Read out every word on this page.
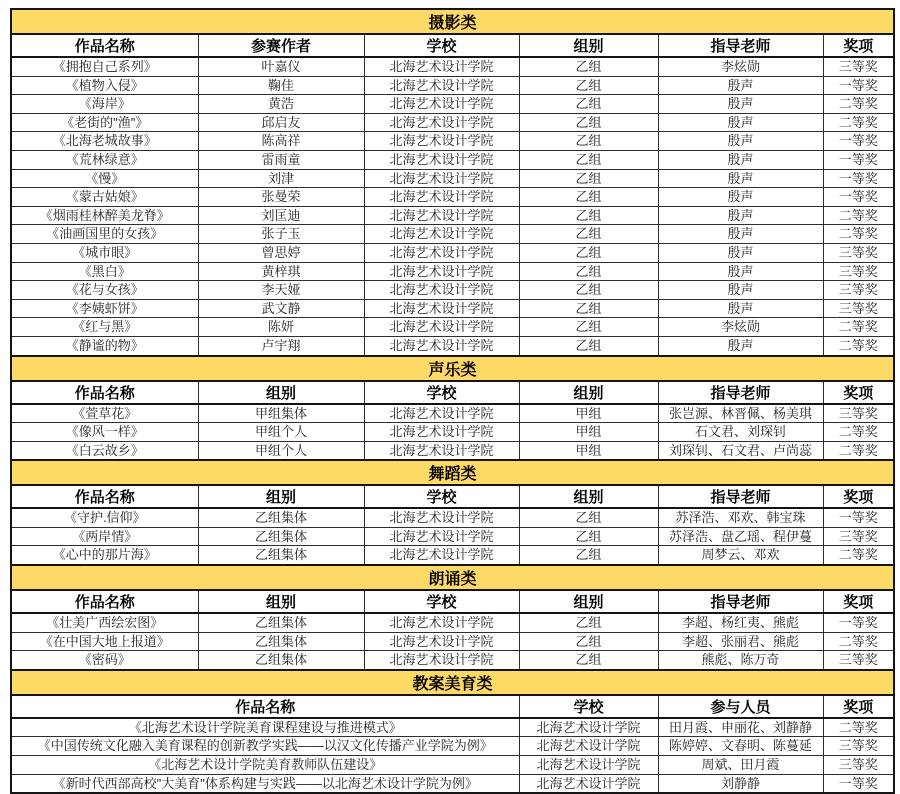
摄影类					
作品名称	参赛作者	学校	组别	指导老师	奖项
《拥抱自己系列》	叶嘉仪	北海艺术设计学院	乙组	李炫勋	三等奖
《植物入侵》	鞠佳	北海艺术设计学院	乙组	殷声	一等奖
《海岸》	黄浩	北海艺术设计学院	乙组	殷声	二等奖
《老街的"渔"》	邱启友	北海艺术设计学院	乙组	殷声	二等奖
《北海老城故事》	陈高祥	北海艺术设计学院	乙组	殷声	一等奖
《荒林绿意》	雷雨童	北海艺术设计学院	乙组	殷声	一等奖
《慢》	刘津	北海艺术设计学院	乙组	殷声	一等奖
《蒙古姑娘》	张曼荣	北海艺术设计学院	乙组	殷声	一等奖
《烟雨桂林醉美龙脊》	刘匡迪	北海艺术设计学院	乙组	殷声	二等奖
《油画国里的女孩》	张子玉	北海艺术设计学院	乙组	殷声	二等奖
《城市眼》	曾思婷	北海艺术设计学院	乙组	殷声	三等奖
《黑白》	黄梓琪	北海艺术设计学院	乙组	殷声	三等奖
《花与女孩》	李天娅	北海艺术设计学院	乙组	殷声	三等奖
《李姨虾饼》	武文静	北海艺术设计学院	乙组	殷声	三等奖
《红与黑》	陈妍	北海艺术设计学院	乙组	李炫勋	二等奖
《静谧的物》	卢宇翔	北海艺术设计学院	乙组	殷声	二等奖
声乐类					
作品名称	组别	学校	组别	指导老师	奖项
《萱草花》	甲组集体	北海艺术设计学院	甲组	张岂源、林晋佩、杨美琪	三等奖
《像风一样》	甲组个人	北海艺术设计学院	甲组	石文君、刘琛钊	二等奖
《白云故乡》	甲组个人	北海艺术设计学院	甲组	刘琛钊、石文君、卢尚蕊	二等奖
舞蹈类					
作品名称	组别	学校	组别	指导老师	奖项
《守护.信仰》	乙组集体	北海艺术设计学院	乙组	苏泽浩、邓欢、韩宝珠	一等奖
《两岸情》	乙组集体	北海艺术设计学院	乙组	苏泽浩、盘乙瑶、程伊蔓	三等奖
《心中的那片海》	乙组集体	北海艺术设计学院	乙组	周梦云、邓欢	二等奖
朗诵类					
作品名称	组别	学校	组别	指导老师	奖项
《壮美广西绘宏图》	乙组集体	北海艺术设计学院	乙组	李超、杨红夷、熊彪	一等奖
《在中国大地上报道》	乙组集体	北海艺术设计学院	乙组	李超、张丽君、熊彪	二等奖
《密码》	乙组集体	北海艺术设计学院	乙组	熊彪、陈万奇	三等奖
教案美育类					
作品名称			学校	参与人员	奖项
《北海艺术设计学院美育课程建设与推进模式》			北海艺术设计学院	田月霞、申丽花、刘静静	二等奖
《中国传统文化融入美育课程的创新教学实践——以汉文化传播产业学院为例》			北海艺术设计学院	陈婷婷、文春明、陈蔓延	三等奖
《北海艺术设计学院美育教师队伍建设》			北海艺术设计学院	周斌、田月霞	三等奖
《新时代西部高校"大美育"体系构建与实践——以北海艺术设计学院为例》			北海艺术设计学院	刘静静	一等奖
